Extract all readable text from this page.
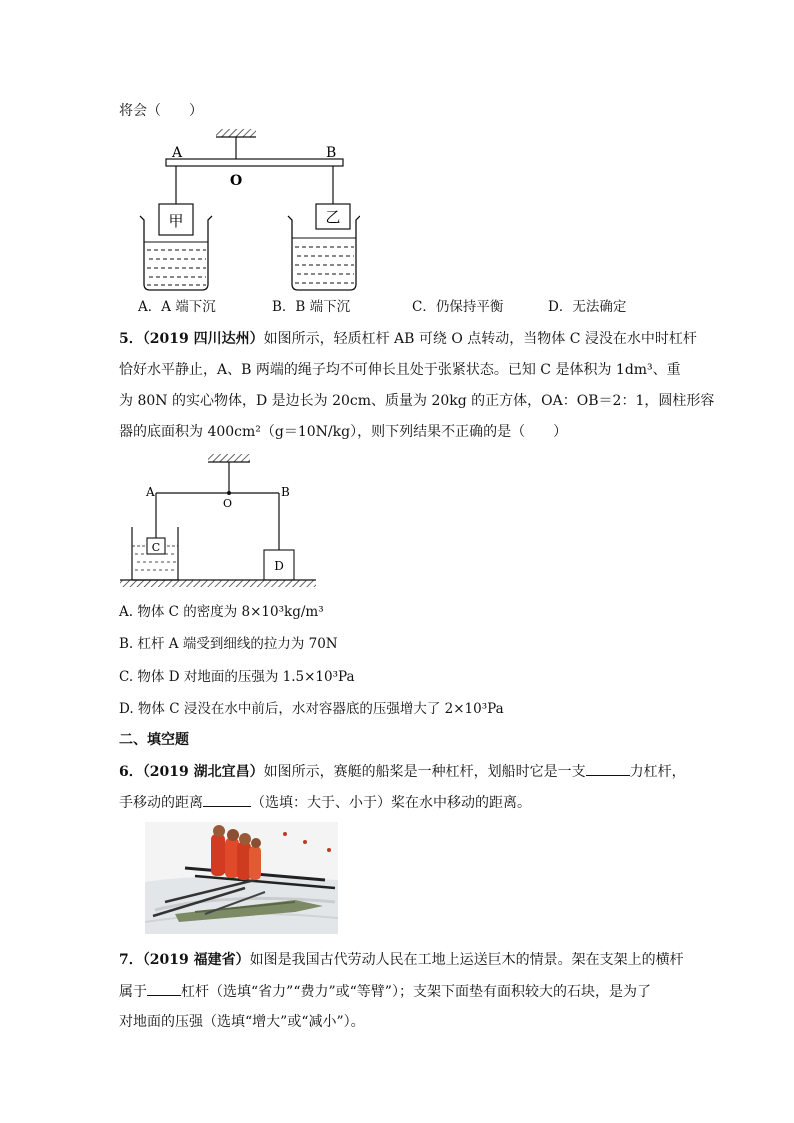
将会（　　）
A	B
O
甲	乙
A．A 端下沉	B．B 端下沉	C．仍保持平衡	D．无法确定
5．（2019 四川达州）如图所示，轻质杠杆 AB 可绕 O 点转动，当物体 C 浸没在水中时杠杆
恰好水平静止，A、B 两端的绳子均不可伸长且处于张紧状态。已知 C 是体积为 1dm³、重
为 80N 的实心物体，D 是边长为 20cm、质量为 20kg 的正方体，OA：OB＝2：1，圆柱形容
器的底面积为 400cm²（g＝10N/kg），则下列结果不正确的是（　　）
A	B
O
C
D
A. 物体 C 的密度为 8×10³kg/m³
B. 杠杆 A 端受到细线的拉力为 70N
C. 物体 D 对地面的压强为 1.5×10³Pa
D. 物体 C 浸没在水中前后，水对容器底的压强增大了 2×10³Pa
二、填空题
6．（2019 湖北宜昌）如图所示，赛艇的船桨是一种杠杆，划船时它是一支	力杠杆，
手移动的距离	（选填：大于、小于）桨在水中移动的距离。
7．（2019 福建省）如图是我国古代劳动人民在工地上运送巨木的情景。架在支架上的横杆
属于 杠杆（选填“省力”“费力”或“等臂”）；支架下面垫有面积较大的石块，是为了
对地面的压强（选填“增大”或“减小”）。
